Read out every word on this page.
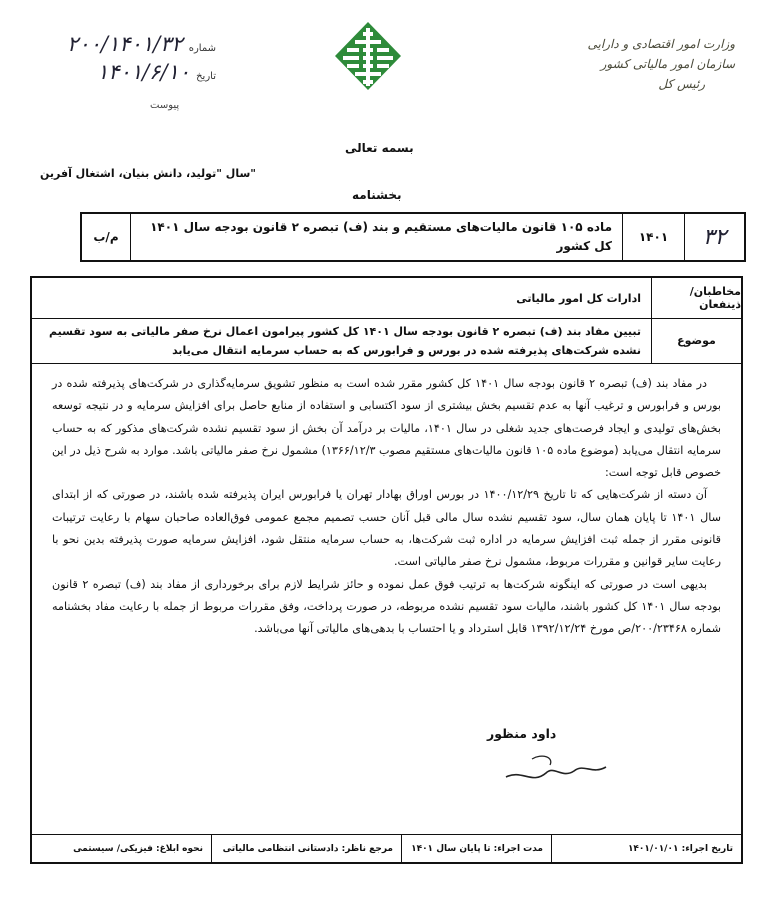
وزارت امور اقتصادی و دارایی
سازمان امور مالیاتی کشور
رئیس کل
شماره
۲۰۰/۱۴۰۱/۳۲
تاریخ
۱۴۰۱/۶/۱۰
پیوست
بسمه تعالی
سال "تولید، دانش بنیان، اشتغال آفرین"
بخشنامه
۳۲
۱۴۰۱
ماده ۱۰۵ قانون مالیات‌های مستقیم و بند (ف) تبصره ۲ قانون بودجه سال ۱۴۰۱ کل کشور
م/ب
مخاطبان/ذینفعان
ادارات کل امور مالیاتی
موضوع
تبیین مفاد بند (ف) تبصره ۲ قانون بودجه سال ۱۴۰۱ کل کشور پیرامون اعمال نرخ صفر مالیاتی به سود تقسیم نشده شرکت‌های پذیرفته شده در بورس و فرابورس که به حساب سرمایه انتقال می‌یابد

در مفاد بند (ف) تبصره ۲ قانون بودجه سال ۱۴۰۱ کل کشور مقرر شده است به منظور تشویق سرمایه‌گذاری در شرکت‌های پذیرفته شده در بورس و فرابورس و ترغیب آنها به عدم تقسیم بخش بیشتری از سود اکتسابی و استفاده از منابع حاصل برای افزایش سرمایه و در نتیجه توسعه بخش‌های تولیدی و ایجاد فرصت‌های جدید شغلی در سال ۱۴۰۱، مالیات بر درآمد آن بخش از سود تقسیم نشده شرکت‌های مذکور که به حساب سرمایه انتقال می‌یابد (موضوع ماده ۱۰۵ قانون مالیات‌های مستقیم مصوب ۱۳۶۶/۱۲/۳) مشمول نرخ صفر مالیاتی باشد. موارد به شرح ذیل در این خصوص قابل توجه است:

آن دسته از شرکت‌هایی که تا تاریخ ۱۴۰۰/۱۲/۲۹ در بورس اوراق بهادار تهران یا فرابورس ایران پذیرفته شده باشند، در صورتی که از ابتدای سال ۱۴۰۱ تا پایان همان سال، سود تقسیم نشده سال مالی قبل آنان حسب تصمیم مجمع عمومی فوق‌العاده صاحبان سهام با رعایت ترتیبات قانونی مقرر از جمله ثبت افزایش سرمایه در اداره ثبت شرکت‌ها، به حساب سرمایه منتقل شود، افزایش سرمایه صورت پذیرفته بدین نحو با رعایت سایر قوانین و مقررات مربوط، مشمول نرخ صفر مالیاتی است.

بدیهی است در صورتی که اینگونه شرکت‌ها به ترتیب فوق عمل نموده و حائز شرایط لازم برای برخورداری از مفاد بند (ف) تبصره ۲ قانون بودجه سال ۱۴۰۱ کل کشور باشند، مالیات سود تقسیم نشده مربوطه، در صورت پرداخت، وفق مقررات مربوط از جمله با رعایت مفاد بخشنامه شماره ۲۰۰/۲۳۴۶۸/ص مورخ ۱۳۹۲/۱۲/۲۴ قابل استرداد و یا احتساب با بدهی‌های مالیاتی آنها می‌باشد.

داود منظور
تاریخ اجراء: ۱۴۰۱/۰۱/۰۱
مدت اجراء: تا پایان سال ۱۴۰۱
مرجع ناظر: دادستانی انتظامی مالیاتی
نحوه ابلاغ: فیزیکی/ سیستمی
